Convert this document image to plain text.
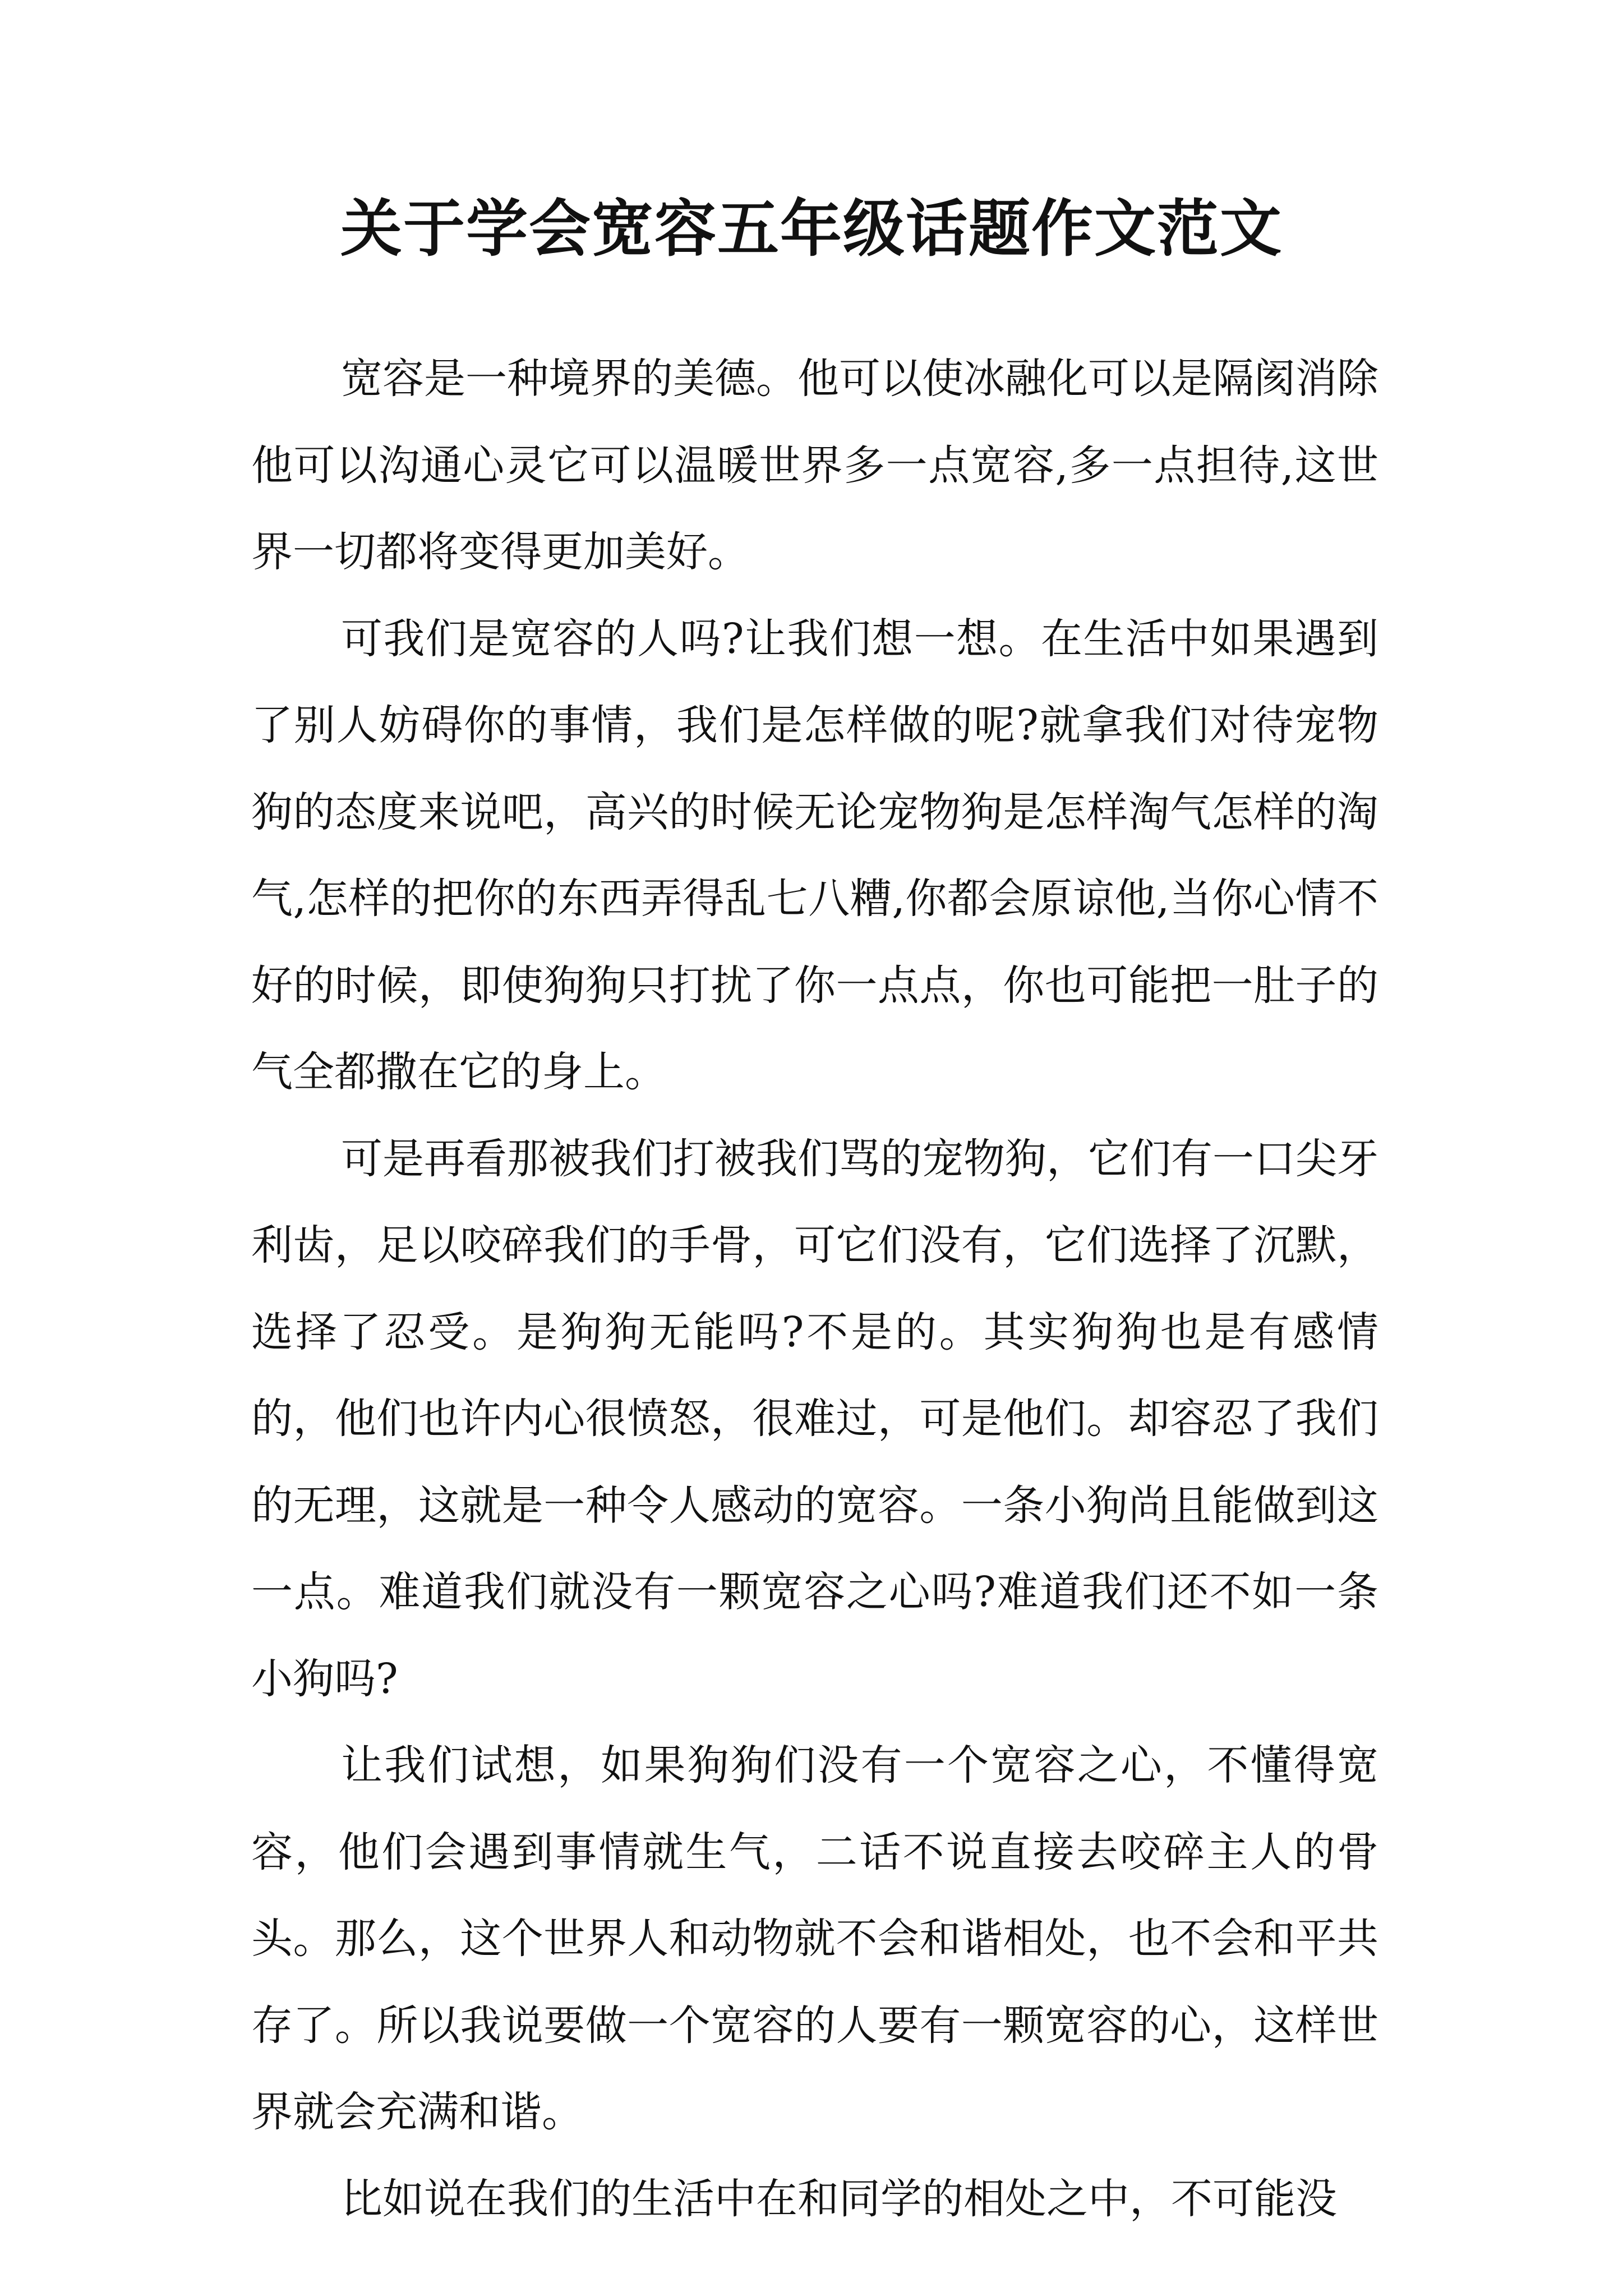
关于学会宽容五年级话题作文范文

宽容是一种境界的美德。他可以使冰融化可以是隔阂消除他可以沟通心灵它可以温暖世界多一点宽容,多一点担待,这世界一切都将变得更加美好。

可我们是宽容的人吗?让我们想一想。在生活中如果遇到了别人妨碍你的事情，我们是怎样做的呢?就拿我们对待宠物狗的态度来说吧，高兴的时候无论宠物狗是怎样淘气怎样的淘气,怎样的把你的东西弄得乱七八糟,你都会原谅他,当你心情不好的时候，即使狗狗只打扰了你一点点，你也可能把一肚子的气全都撒在它的身上。

可是再看那被我们打被我们骂的宠物狗，它们有一口尖牙利齿，足以咬碎我们的手骨，可它们没有，它们选择了沉默，选择了忍受。是狗狗无能吗?不是的。其实狗狗也是有感情的，他们也许内心很愤怒，很难过，可是他们。却容忍了我们的无理，这就是一种令人感动的宽容。一条小狗尚且能做到这一点。难道我们就没有一颗宽容之心吗?难道我们还不如一条小狗吗?

让我们试想，如果狗狗们没有一个宽容之心，不懂得宽容，他们会遇到事情就生气，二话不说直接去咬碎主人的骨头。那么，这个世界人和动物就不会和谐相处，也不会和平共存了。所以我说要做一个宽容的人要有一颗宽容的心，这样世界就会充满和谐。

比如说在我们的生活中在和同学的相处之中，不可能没
